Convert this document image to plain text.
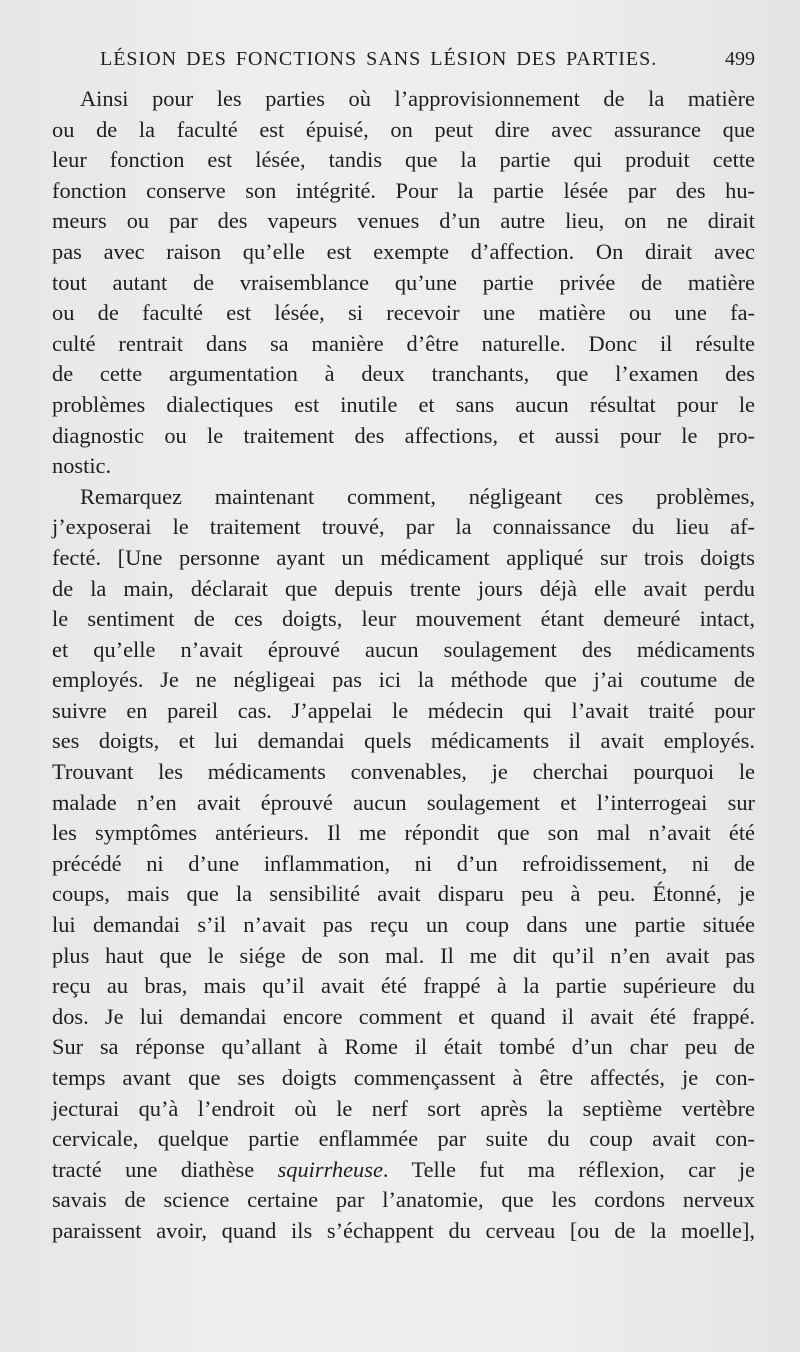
LÉSION DES FONCTIONS SANS LÉSION DES PARTIES.	499
Ainsi pour les parties où l’approvisionnement de la matière
ou de la faculté est épuisé, on peut dire avec assurance que
leur fonction est lésée, tandis que la partie qui produit cette
fonction conserve son intégrité. Pour la partie lésée par des hu-
meurs ou par des vapeurs venues d’un autre lieu, on ne dirait
pas avec raison qu’elle est exempte d’affection. On dirait avec
tout autant de vraisemblance qu’une partie privée de matière
ou de faculté est lésée, si recevoir une matière ou une fa-
culté rentrait dans sa manière d’être naturelle. Donc il résulte
de cette argumentation à deux tranchants, que l’examen des
problèmes dialectiques est inutile et sans aucun résultat pour le
diagnostic ou le traitement des affections, et aussi pour le pro-
nostic.
Remarquez maintenant comment, négligeant ces problèmes,
j’exposerai le traitement trouvé, par la connaissance du lieu af-
fecté. [Une personne ayant un médicament appliqué sur trois doigts
de la main, déclarait que depuis trente jours déjà elle avait perdu
le sentiment de ces doigts, leur mouvement étant demeuré intact,
et qu’elle n’avait éprouvé aucun soulagement des médicaments
employés. Je ne négligeai pas ici la méthode que j’ai coutume de
suivre en pareil cas. J’appelai le médecin qui l’avait traité pour
ses doigts, et lui demandai quels médicaments il avait employés.
Trouvant les médicaments convenables, je cherchai pourquoi le
malade n’en avait éprouvé aucun soulagement et l’interrogeai sur
les symptômes antérieurs. Il me répondit que son mal n’avait été
précédé ni d’une inflammation, ni d’un refroidissement, ni de
coups, mais que la sensibilité avait disparu peu à peu. Étonné, je
lui demandai s’il n’avait pas reçu un coup dans une partie située
plus haut que le siége de son mal. Il me dit qu’il n’en avait pas
reçu au bras, mais qu’il avait été frappé à la partie supérieure du
dos. Je lui demandai encore comment et quand il avait été frappé.
Sur sa réponse qu’allant à Rome il était tombé d’un char peu de
temps avant que ses doigts commençassent à être affectés, je con-
jecturai qu’à l’endroit où le nerf sort après la septième vertèbre
cervicale, quelque partie enflammée par suite du coup avait con-
tracté une diathèse squirrheuse. Telle fut ma réflexion, car je
savais de science certaine par l’anatomie, que les cordons nerveux
paraissent avoir, quand ils s’échappent du cerveau [ou de la moelle],
